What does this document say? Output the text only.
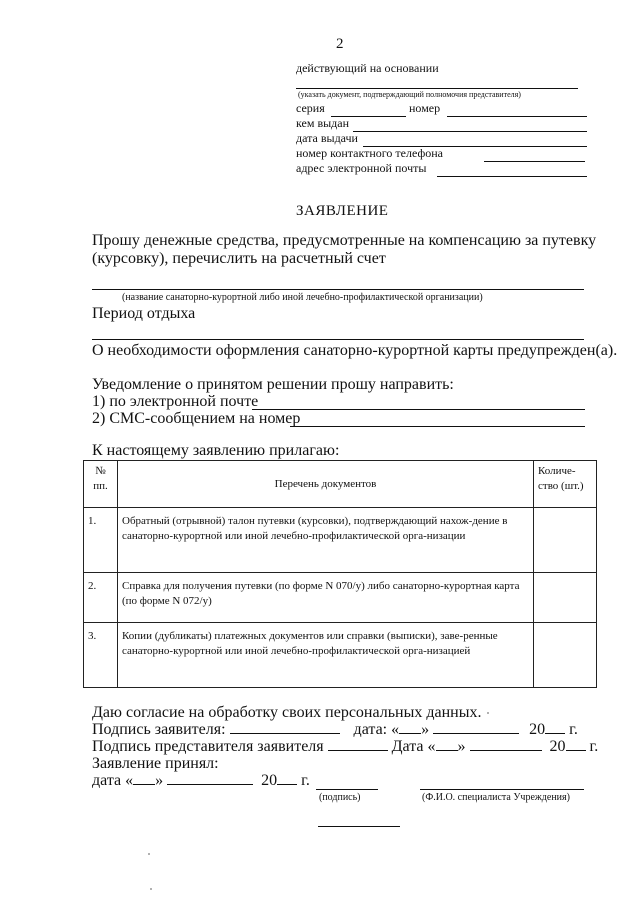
2
действующий на основании
(указать документ, подтверждающий полномочия представителя)
серия	номер
кем выдан
дата выдачи
номер контактного телефона
адрес электронной почты
ЗАЯВЛЕНИЕ
Прошу денежные средства, предусмотренные на компенсацию за путевку
(курсовку), перечислить на расчетный счет
(название санаторно-курортной либо иной лечебно-профилактической организации)
Период отдыха
О необходимости оформления санаторно-курортной карты предупрежден(а).
Уведомление о принятом решении прошу направить:
1) по электронной почте
2) СМС-сообщением на номер
К настоящему заявлению прилагаю:
№ пп.	Перечень документов	Количе-ство (шт.)
1.	Обратный (отрывной) талон путевки (курсовки), подтверждающий нахож-дение в санаторно-курортной или иной лечебно-профилактической орга-низации	
2.	Справка для получения путевки (по форме N 070/у) либо санаторно-курортная карта (по форме N 072/у)	
3.	Копии (дубликаты) платежных документов или справки (выписки), заве-ренные санаторно-курортной или иной лечебно-профилактической орга-низацией	
Даю согласие на обработку своих персональных данных.
Подпись заявителя:	дата: « »	20 г.
Подпись представителя заявителя	Дата « »	20 г.
Заявление принял:
дата « »	20 г.
(подпись)	(Ф.И.О. специалиста Учреждения)
